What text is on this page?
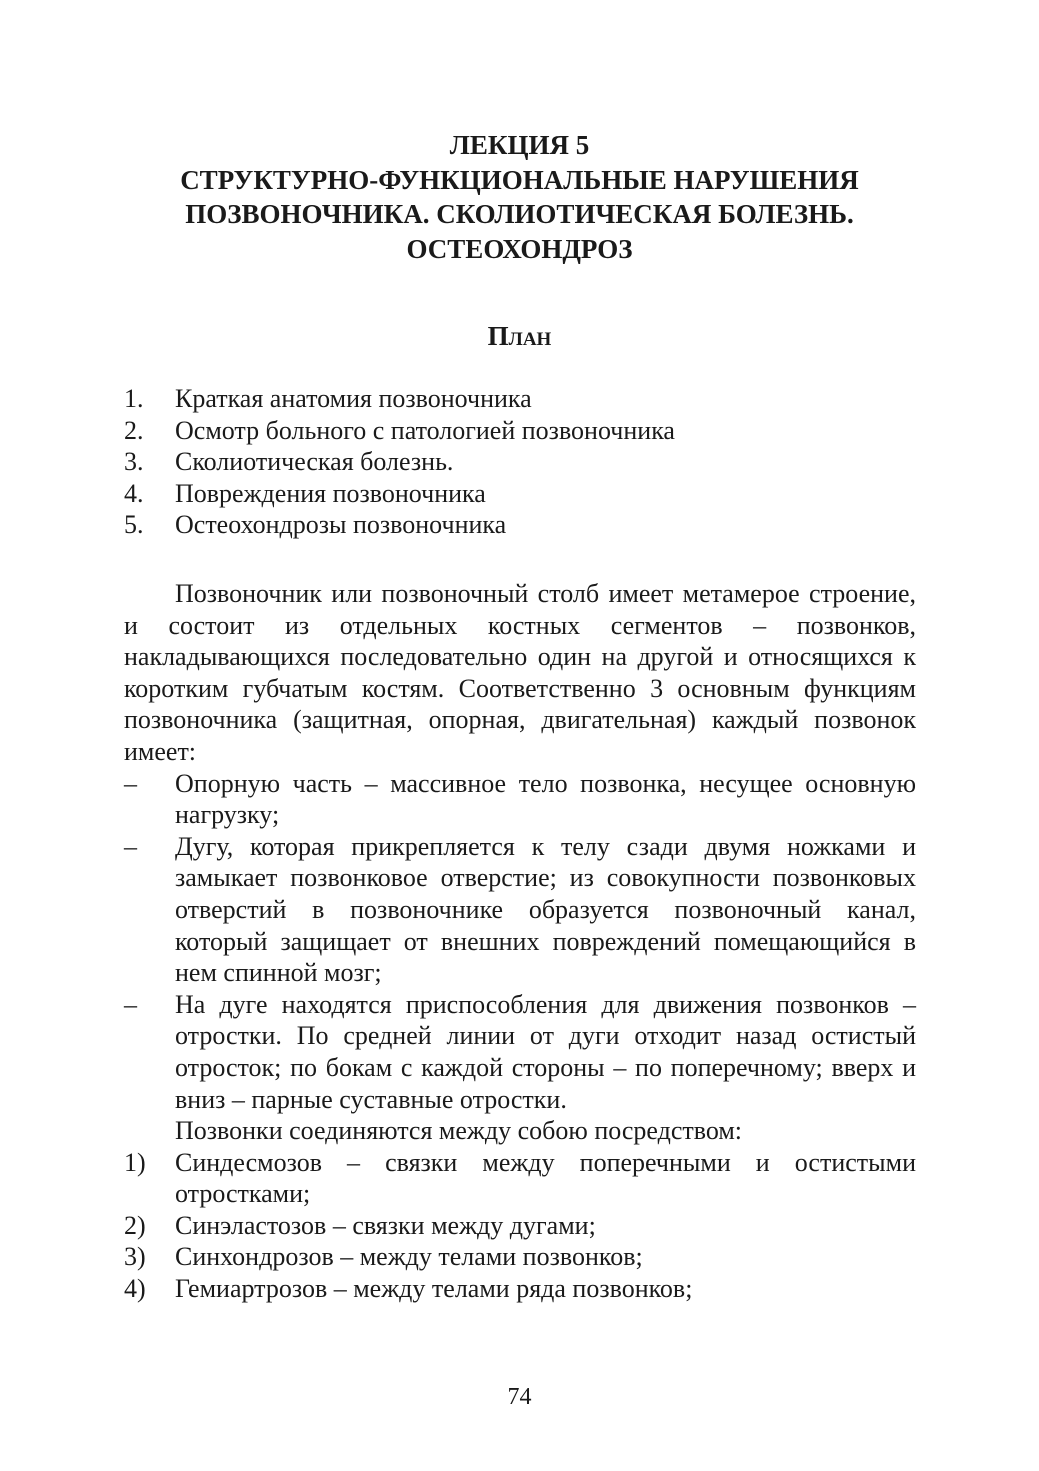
ЛЕКЦИЯ 5
СТРУКТУРНО-ФУНКЦИОНАЛЬНЫЕ НАРУШЕНИЯ
ПОЗВОНОЧНИКА. СКОЛИОТИЧЕСКАЯ БОЛЕЗНЬ.
ОСТЕОХОНДРОЗ
План
1.	Краткая анатомия позвоночника
2.	Осмотр больного с патологией позвоночника
3.	Сколиотическая болезнь.
4.	Повреждения позвоночника
5.	Остеохондрозы позвоночника

Позвоночник или позвоночный столб имеет метамерое строение, и состоит из отдельных костных сегментов – позвонков, накладывающихся последовательно один на другой и относящихся к коротким губчатым костям. Соответственно 3 основным функциям позвоночника (защитная, опорная, двигательная) каждый позвонок имеет:

–	Опорную часть – массивное тело позвонка, несущее основную нагрузку;
–	Дугу, которая прикрепляется к телу сзади двумя ножками и замыкает позвонковое отверстие; из совокупности позвонковых отверстий в позвоночнике образуется позвоночный канал, который защищает от внешних повреждений помещающийся в нем спинной мозг;
–	На дуге находятся приспособления для движения позвонков – отростки. По средней линии от дуги отходит назад остистый отросток; по бокам с каждой стороны – по поперечному; вверх и вниз – парные суставные отростки.
Позвонки соединяются между собою посредством:
1)	Синдесмозов – связки между поперечными и остистыми отростками;
2)	Синэластозов – связки между дугами;
3)	Синхондрозов – между телами позвонков;
4)	Гемиартрозов – между телами ряда позвонков;
74
